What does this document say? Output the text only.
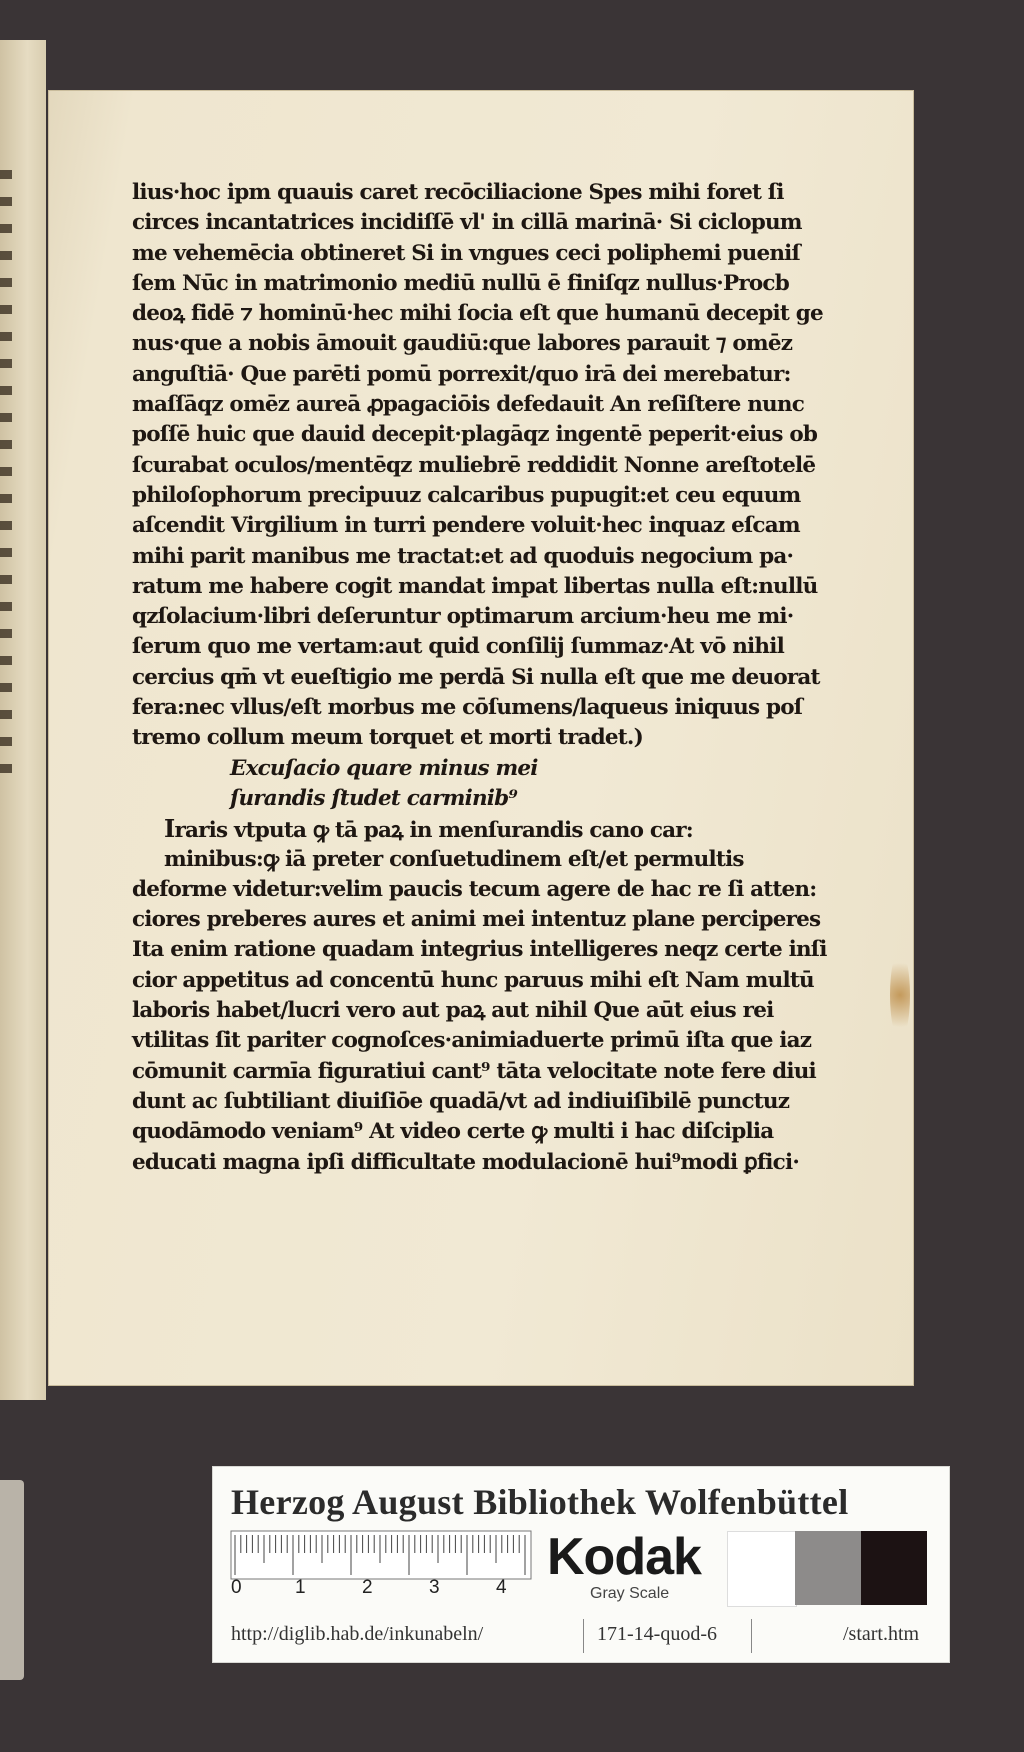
lius·hoc ipm quauis caret recōciliacione Spes mihi foret ſi
circes incantatrices incidiſſē vl' in cillā marinā· Si ciclopum
me vehemēcia obtineret Si in vngues ceci poliphemi pueniſ
ſem Nūc in matrimonio mediū nullū ē finiſqz nullus·Procb
deoꝝ fidē ⁊ hominū·hec mihi ſocia eſt que humanū decepit ge
nus·que a nobis āmouit gaudiū:que labores parauit ⁊ omēz
anguſtiā· Que parēti pomū porrexit/quo irā dei merebatur:
maſſāqz omēz aureā ꝓpagaciōis defedauit An reſiſtere nunc
poſſē huic que dauid decepit·plagāqz ingentē peperit·eius ob
ſcurabat oculos/mentēqz muliebrē reddidit Nonne areſtotelē
philoſophorum precipuuz calcaribus pupugit:et ceu equum
aſcendit Virgilium in turri pendere voluit·hec inquaz eſcam
mihi parit manibus me tractat:et ad quoduis negocium pa·
ratum me habere cogit mandat impat libertas nulla eſt:nullū
qzſolacium·libri deſeruntur optimarum arcium·heu me mi·
ſerum quo me vertam:aut quid conſilij ſummaz·At vō nihil
cercius qm̄ vt eueſtigio me perdā Si nulla eſt que me deuorat
fera:nec vllus/eſt morbus me cōſumens/laqueus iniquus poſ
tremo collum meum torquet et morti tradet.)
Excuſacio quare minus mei
ſurandis ſtudet carminib⁹
Iraris vtputa ꝙ tā paꝝ in menſurandis cano car:
minibus:ꝙ iā preter conſuetudinem eſt/et permultis
deforme videtur:velim paucis tecum agere de hac re ſi atten:
ciores preberes aures et animi mei intentuz plane perciperes
Ita enim ratione quadam integrius intelligeres neqz certe inſi
cior appetitus ad concentū hunc paruus mihi eſt Nam multū
laboris habet/lucri vero aut paꝝ aut nihil Que aūt eius rei
vtilitas ſit pariter cognoſces·animiaduerte primū iſta que iaz
cōmunit carmīa figuratiui cant⁹ tāta velocitate note fere diui
dunt ac ſubtiliant diuiſiōe quadā/vt ad indiuiſibilē punctuz
quodāmodo veniam⁹ At video certe ꝙ multi i hac diſciplia
educati magna ipſi difficultate modulacionē hui⁹modi ꝑfici·
Herzog August Bibliothek Wolfenbüttel
0	1	2	3	4
Kodak
Gray Scale
http://diglib.hab.de/inkunabeln/	171-14-quod-6	/start.htm
